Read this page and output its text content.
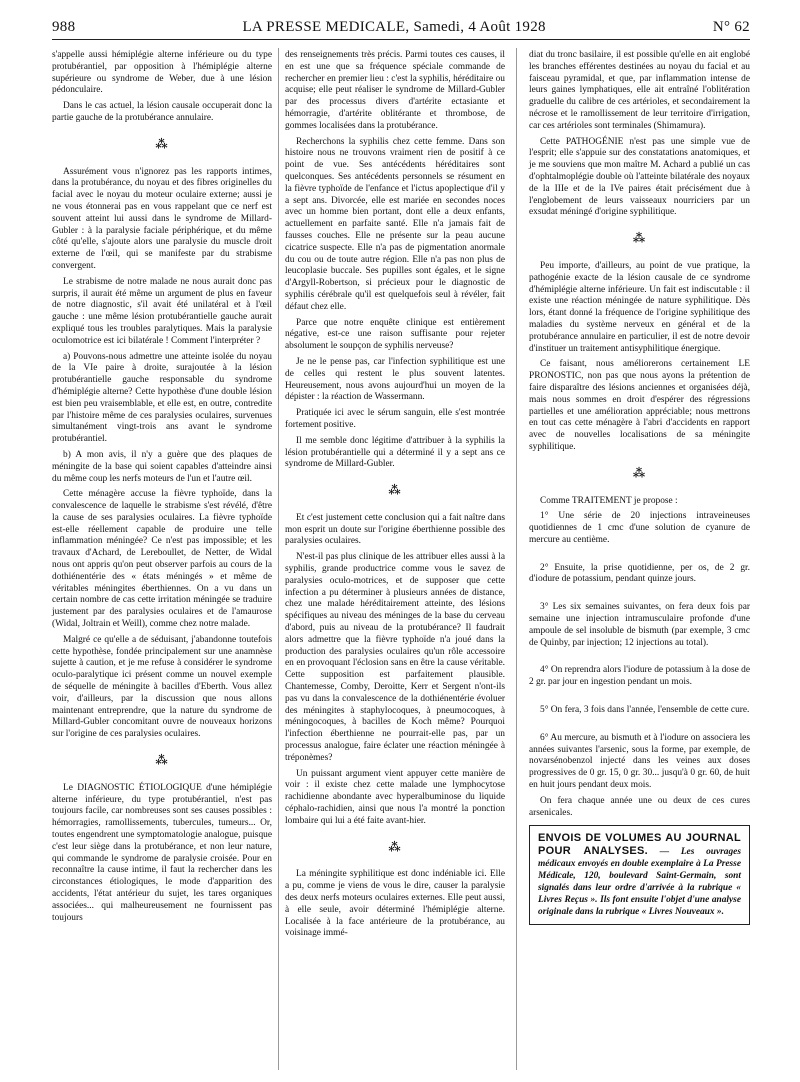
988	LA PRESSE MEDICALE, Samedi, 4 Août 1928	N° 62

s'appelle aussi hémiplégie alterne inférieure ou du type protubérantiel, par opposition à l'hémiplégie alterne supérieure ou syndrome de Weber, due à une lésion pédonculaire.

Dans le cas actuel, la lésion causale occuperait donc la partie gauche de la protubérance annulaire.

⁂

Assurément vous n'ignorez pas les rapports intimes, dans la protubérance, du noyau et des fibres originelles du facial avec le noyau du moteur oculaire externe; aussi je ne vous étonnerai pas en vous rappelant que ce nerf est souvent atteint lui aussi dans le syndrome de Millard-Gubler : à la paralysie faciale périphérique, et du même côté qu'elle, s'ajoute alors une paralysie du muscle droit externe de l'œil, qui se manifeste par du strabisme convergent.

Le strabisme de notre malade ne nous aurait donc pas surpris, il aurait été même un argument de plus en faveur de notre diagnostic, s'il avait été unilatéral et à l'œil gauche : une même lésion protubérantielle gauche aurait expliqué tous les troubles paralytiques. Mais la paralysie oculomotrice est ici bilatérale ! Comment l'interpréter ?

a) Pouvons-nous admettre une atteinte isolée du noyau de la VIe paire à droite, surajoutée à la lésion protubérantielle gauche responsable du syndrome d'hémiplégie alterne? Cette hypothèse d'une double lésion est bien peu vraisemblable, et elle est, en outre, contredite par l'histoire même de ces paralysies oculaires, survenues simultanément vingt-trois ans avant le syndrome protubérantiel.

b) A mon avis, il n'y a guère que des plaques de méningite de la base qui soient capables d'atteindre ainsi du même coup les nerfs moteurs de l'un et l'autre œil.

Cette ménagère accuse la fièvre typhoïde, dans la convalescence de laquelle le strabisme s'est révélé, d'être la cause de ses paralysies oculaires. La fièvre typhoïde est-elle réellement capable de produire une telle inflammation méningée? Ce n'est pas impossible; et les travaux d'Achard, de Lereboullet, de Netter, de Widal nous ont appris qu'on peut observer parfois au cours de la dothiénentérie des « états méningés » et même de véritables méningites éberthiennes. On a vu dans un certain nombre de cas cette irritation méningée se traduire justement par des paralysies oculaires et de l'amaurose (Widal, Joltrain et Weill), comme chez notre malade.

Malgré ce qu'elle a de séduisant, j'abandonne toutefois cette hypothèse, fondée principalement sur une anamnèse sujette à caution, et je me refuse à considérer le syndrome oculo-paralytique ici présent comme un nouvel exemple de séquelle de méningite à bacilles d'Eberth. Vous allez voir, d'ailleurs, par la discussion que nous allons maintenant entreprendre, que la nature du syndrome de Millard-Gubler concomitant ouvre de nouveaux horizons sur l'origine de ces paralysies oculaires.

⁂

Le DIAGNOSTIC ÉTIOLOGIQUE d'une hémiplégie alterne inférieure, du type protubérantiel, n'est pas toujours facile, car nombreuses sont ses causes possibles : hémorragies, ramollissements, tubercules, tumeurs... Or, toutes engendrent une symptomatologie analogue, puisque c'est leur siège dans la protubérance, et non leur nature, qui commande le syndrome de paralysie croisée. Pour en reconnaître la cause intime, il faut la rechercher dans les circonstances étiologiques, le mode d'apparition des accidents, l'état antérieur du sujet, les tares organiques associées... qui malheureusement ne fournissent pas toujours

des renseignements très précis. Parmi toutes ces causes, il en est une que sa fréquence spéciale commande de rechercher en premier lieu : c'est la syphilis, héréditaire ou acquise; elle peut réaliser le syndrome de Millard-Gubler par des processus divers d'artérite ectasiante et hémorragie, d'artérite oblitérante et thrombose, de gommes localisées dans la protubérance.

Recherchons la syphilis chez cette femme. Dans son histoire nous ne trouvons vraiment rien de positif à ce point de vue. Ses antécédents héréditaires sont quelconques. Ses antécédents personnels se résument en la fièvre typhoïde de l'enfance et l'ictus apoplectique d'il y a sept ans. Divorcée, elle est mariée en secondes noces avec un homme bien portant, dont elle a deux enfants, actuellement en parfaite santé. Elle n'a jamais fait de fausses couches. Elle ne présente sur la peau aucune cicatrice suspecte. Elle n'a pas de pigmentation anormale du cou ou de toute autre région. Elle n'a pas non plus de leucoplasie buccale. Ses pupilles sont égales, et le signe d'Argyll-Robertson, si précieux pour le diagnostic de syphilis cérébrale qu'il est quelquefois seul à révéler, fait défaut chez elle.

Parce que notre enquête clinique est entièrement négative, est-ce une raison suffisante pour rejeter absolument le soupçon de syphilis nerveuse?

Je ne le pense pas, car l'infection syphilitique est une de celles qui restent le plus souvent latentes. Heureusement, nous avons aujourd'hui un moyen de la dépister : la réaction de Wassermann.

Pratiquée ici avec le sérum sanguin, elle s'est montrée fortement positive.

Il me semble donc légitime d'attribuer à la syphilis la lésion protubérantielle qui a déterminé il y a sept ans ce syndrome de Millard-Gubler.

⁂

Et c'est justement cette conclusion qui a fait naître dans mon esprit un doute sur l'origine éberthienne possible des paralysies oculaires.

N'est-il pas plus clinique de les attribuer elles aussi à la syphilis, grande productrice comme vous le savez de paralysies oculo-motrices, et de supposer que cette infection a pu déterminer à plusieurs années de distance, chez une malade héréditairement atteinte, des lésions spécifiques au niveau des méninges de la base du cerveau d'abord, puis au niveau de la protubérance? Il faudrait alors admettre que la fièvre typhoïde n'a joué dans la production des paralysies oculaires qu'un rôle accessoire en en provoquant l'éclosion sans en être la cause véritable. Cette supposition est parfaitement plausible. Chantemesse, Comby, Deroitte, Kerr et Sergent n'ont-ils pas vu dans la convalescence de la dothiénentérie évoluer des méningites à staphylocoques, à pneumocoques, à méningocoques, à bacilles de Koch même? Pourquoi l'infection éberthienne ne pourrait-elle pas, par un processus analogue, faire éclater une réaction méningée à tréponèmes?

Un puissant argument vient appuyer cette manière de voir : il existe chez cette malade une lymphocytose rachidienne abondante avec hyperalbuminose du liquide céphalo-rachidien, ainsi que nous l'a montré la ponction lombaire qui lui a été faite avant-hier.

⁂

La méningite syphilitique est donc indéniable ici. Elle a pu, comme je viens de vous le dire, causer la paralysie des deux nerfs moteurs oculaires externes. Elle peut aussi, à elle seule, avoir déterminé l'hémiplégie alterne. Localisée à la face antérieure de la protubérance, au voisinage immé-

diat du tronc basilaire, il est possible qu'elle en ait englobé les branches efférentes destinées au noyau du facial et au faisceau pyramidal, et que, par inflammation intense de leurs gaines lymphatiques, elle ait entraîné l'oblitération graduelle du calibre de ces artérioles, et secondairement la nécrose et le ramollissement de leur territoire d'irrigation, car ces artérioles sont terminales (Shimamura).

Cette PATHOGÉNIE n'est pas une simple vue de l'esprit; elle s'appuie sur des constatations anatomiques, et je me souviens que mon maître M. Achard a publié un cas d'ophtalmoplégie double où l'atteinte bilatérale des noyaux de la IIIe et de la IVe paires était précisément due à l'englobement de leurs vaisseaux nourriciers par un exsudat méningé d'origine syphilitique.

⁂

Peu importe, d'ailleurs, au point de vue pratique, la pathogénie exacte de la lésion causale de ce syndrome d'hémiplégie alterne inférieure. Un fait est indiscutable : il existe une réaction méningée de nature syphilitique. Dès lors, étant donné la fréquence de l'origine syphilitique des maladies du système nerveux en général et de la protubérance annulaire en particulier, il est de notre devoir d'instituer un traitement antisyphilitique énergique.

Ce faisant, nous améliorerons certainement LE PRONOSTIC, non pas que nous ayons la prétention de faire disparaître des lésions anciennes et organisées déjà, mais nous sommes en droit d'espérer des régressions partielles et une amélioration appréciable; nous mettrons en tout cas cette ménagère à l'abri d'accidents en rapport avec de nouvelles localisations de sa méningite syphilitique.

⁂

Comme TRAITEMENT je propose :

1° Une série de 20 injections intraveineuses quotidiennes de 1 cmc d'une solution de cyanure de mercure au centième.

2° Ensuite, la prise quotidienne, per os, de 2 gr. d'iodure de potassium, pendant quinze jours.

3° Les six semaines suivantes, on fera deux fois par semaine une injection intramusculaire profonde d'une ampoule de sel insoluble de bismuth (par exemple, 3 cmc de Quinby, par injection; 12 injections au total).

4° On reprendra alors l'iodure de potassium à la dose de 2 gr. par jour en ingestion pendant un mois.

5° On fera, 3 fois dans l'année, l'ensemble de cette cure.

6° Au mercure, au bismuth et à l'iodure on associera les années suivantes l'arsenic, sous la forme, par exemple, de novarsénobenzol injecté dans les veines aux doses progressives de 0 gr. 15, 0 gr. 30... jusqu'à 0 gr. 60, de huit en huit jours pendant deux mois.

On fera chaque année une ou deux de ces cures arsenicales.

ENVOIS DE VOLUMES AU JOURNAL POUR ANALYSES. — Les ouvrages médicaux envoyés en double exemplaire à La Presse Médicale, 120, boulevard Saint-Germain, sont signalés dans leur ordre d'arrivée à la rubrique « Livres Reçus ». Ils font ensuite l'objet d'une analyse originale dans la rubrique « Livres Nouveaux ».
